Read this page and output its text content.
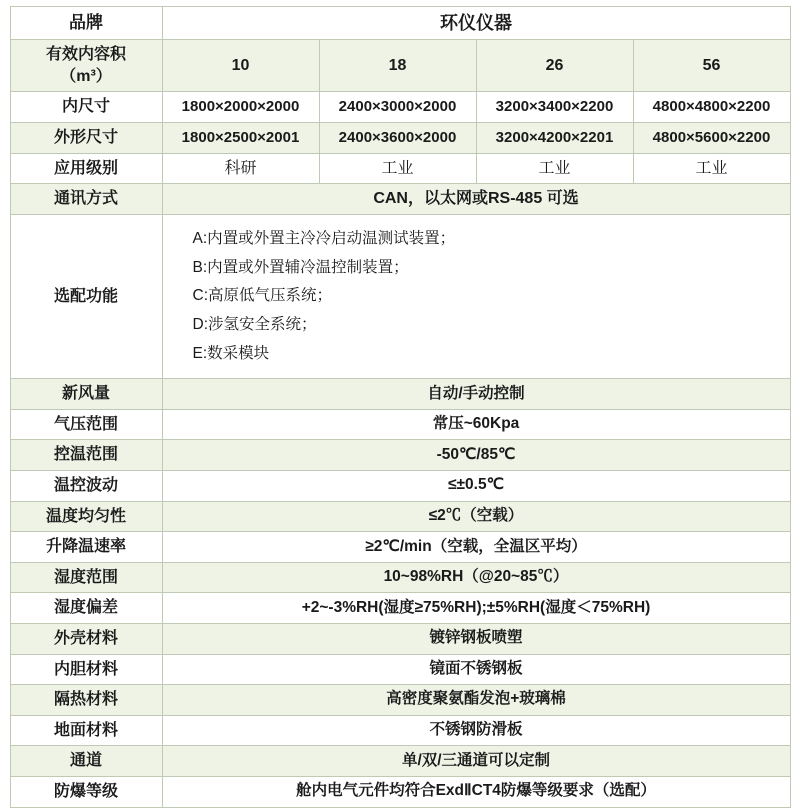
品牌	环仪仪器			

有效内容积
（m³）	10	18	26	56
内尺寸	1800×2000×2000	2400×3000×2000	3200×3400×2200	4800×4800×2200
外形尺寸	1800×2500×2001	2400×3600×2000	3200×4200×2201	4800×5600×2200
应用级别	科研	工业	工业	工业
通讯方式	CAN，以太网或RS-485 可选			
选配功能	A:内置或外置主冷冷启动温测试装置；
B:内置或外置辅冷温控制装置；
C:高原低气压系统；
D:涉氢安全系统；
E:数采模块			

新风量	自动/手动控制			
气压范围	常压~60Kpa			
控温范围	-50℃/85℃			
温控波动	≤±0.5℃			
温度均匀性	≤2℃（空载）			
升降温速率	≥2℃/min（空载，全温区平均）			
湿度范围	10~98%RH（@20~85℃）			
湿度偏差	+2~-3%RH(湿度≥75%RH);±5%RH(湿度＜75%RH)			
外壳材料	镀锌钢板喷塑			
内胆材料	镜面不锈钢板			
隔热材料	高密度聚氨酯发泡+玻璃棉			
地面材料	不锈钢防滑板			
通道	单/双/三通道可以定制			
防爆等级	舱内电气元件均符合ExdⅡCT4防爆等级要求（选配）			
